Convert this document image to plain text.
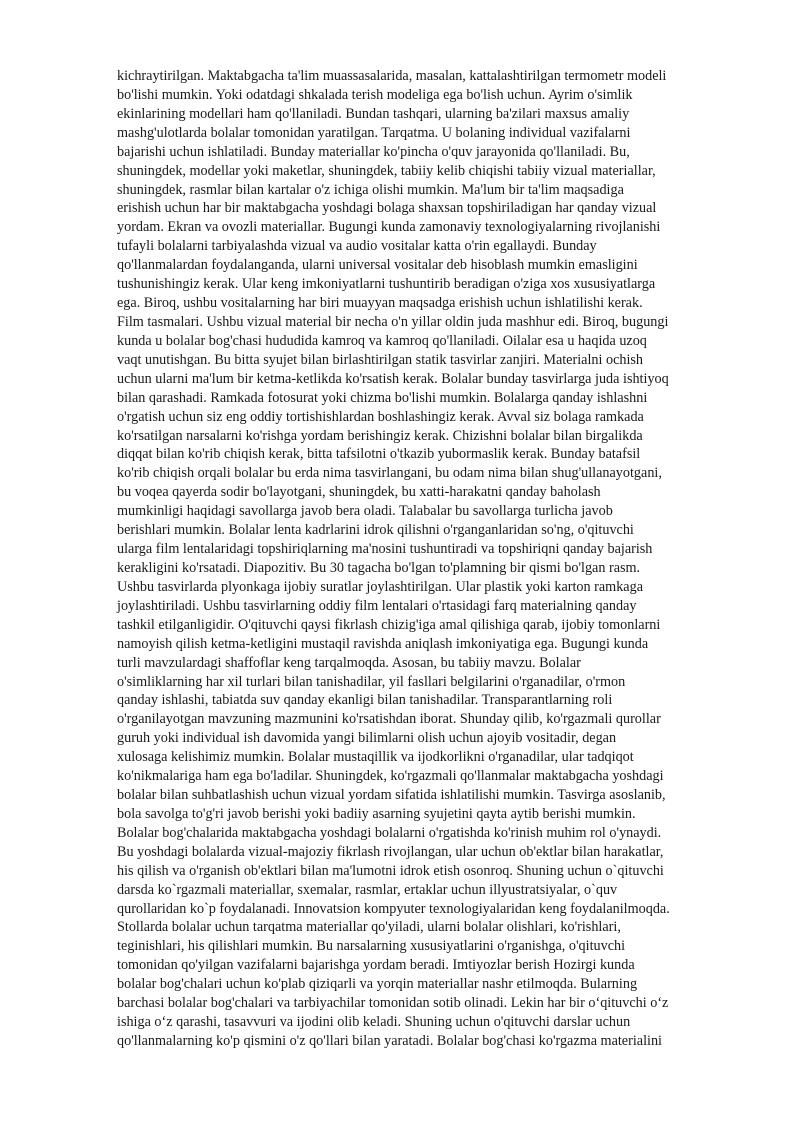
kichraytirilgan. Maktabgacha ta'lim muassasalarida, masalan, kattalashtirilgan termometr modeli
bo'lishi mumkin. Yoki odatdagi shkalada terish modeliga ega bo'lish uchun. Ayrim o'simlik
ekinlarining modellari ham qo'llaniladi. Bundan tashqari, ularning ba'zilari maxsus amaliy
mashg'ulotlarda bolalar tomonidan yaratilgan. Tarqatma. U bolaning individual vazifalarni
bajarishi uchun ishlatiladi. Bunday materiallar ko'pincha o'quv jarayonida qo'llaniladi. Bu,
shuningdek, modellar yoki maketlar, shuningdek, tabiiy kelib chiqishi tabiiy vizual materiallar,
shuningdek, rasmlar bilan kartalar o'z ichiga olishi mumkin. Ma'lum bir ta'lim maqsadiga
erishish uchun har bir maktabgacha yoshdagi bolaga shaxsan topshiriladigan har qanday vizual
yordam. Ekran va ovozli materiallar. Bugungi kunda zamonaviy texnologiyalarning rivojlanishi
tufayli bolalarni tarbiyalashda vizual va audio vositalar katta o'rin egallaydi. Bunday
qo'llanmalardan foydalanganda, ularni universal vositalar deb hisoblash mumkin emasligini
tushunishingiz kerak. Ular keng imkoniyatlarni tushuntirib beradigan o'ziga xos xususiyatlarga
ega. Biroq, ushbu vositalarning har biri muayyan maqsadga erishish uchun ishlatilishi kerak.
Film tasmalari. Ushbu vizual material bir necha o'n yillar oldin juda mashhur edi. Biroq, bugungi
kunda u bolalar bog'chasi hududida kamroq va kamroq qo'llaniladi. Oilalar esa u haqida uzoq
vaqt unutishgan. Bu bitta syujet bilan birlashtirilgan statik tasvirlar zanjiri. Materialni ochish
uchun ularni ma'lum bir ketma-ketlikda ko'rsatish kerak. Bolalar bunday tasvirlarga juda ishtiyoq
bilan qarashadi. Ramkada fotosurat yoki chizma bo'lishi mumkin. Bolalarga qanday ishlashni
o'rgatish uchun siz eng oddiy tortishishlardan boshlashingiz kerak. Avval siz bolaga ramkada
ko'rsatilgan narsalarni ko'rishga yordam berishingiz kerak. Chizishni bolalar bilan birgalikda
diqqat bilan ko'rib chiqish kerak, bitta tafsilotni o'tkazib yubormaslik kerak. Bunday batafsil
ko'rib chiqish orqali bolalar bu erda nima tasvirlangani, bu odam nima bilan shug'ullanayotgani,
bu voqea qayerda sodir bo'layotgani, shuningdek, bu xatti-harakatni qanday baholash
mumkinligi haqidagi savollarga javob bera oladi. Talabalar bu savollarga turlicha javob
berishlari mumkin. Bolalar lenta kadrlarini idrok qilishni o'rganganlaridan so'ng, o'qituvchi
ularga film lentalaridagi topshiriqlarning ma'nosini tushuntiradi va topshiriqni qanday bajarish
kerakligini ko'rsatadi. Diapozitiv. Bu 30 tagacha bo'lgan to'plamning bir qismi bo'lgan rasm.
Ushbu tasvirlarda plyonkaga ijobiy suratlar joylashtirilgan. Ular plastik yoki karton ramkaga
joylashtiriladi. Ushbu tasvirlarning oddiy film lentalari o'rtasidagi farq materialning qanday
tashkil etilganligidir. O'qituvchi qaysi fikrlash chizig'iga amal qilishiga qarab, ijobiy tomonlarni
namoyish qilish ketma-ketligini mustaqil ravishda aniqlash imkoniyatiga ega. Bugungi kunda
turli mavzulardagi shaffoflar keng tarqalmoqda. Asosan, bu tabiiy mavzu. Bolalar
o'simliklarning har xil turlari bilan tanishadilar, yil fasllari belgilarini o'rganadilar, o'rmon
qanday ishlashi, tabiatda suv qanday ekanligi bilan tanishadilar. Transparantlarning roli
o'rganilayotgan mavzuning mazmunini ko'rsatishdan iborat. Shunday qilib, ko'rgazmali qurollar
guruh yoki individual ish davomida yangi bilimlarni olish uchun ajoyib vositadir, degan
xulosaga kelishimiz mumkin. Bolalar mustaqillik va ijodkorlikni o'rganadilar, ular tadqiqot
ko'nikmalariga ham ega bo'ladilar. Shuningdek, ko'rgazmali qo'llanmalar maktabgacha yoshdagi
bolalar bilan suhbatlashish uchun vizual yordam sifatida ishlatilishi mumkin. Tasvirga asoslanib,
bola savolga to'g'ri javob berishi yoki badiiy asarning syujetini qayta aytib berishi mumkin.
Bolalar bog'chalarida maktabgacha yoshdagi bolalarni o'rgatishda ko'rinish muhim rol o'ynaydi.
Bu yoshdagi bolalarda vizual-majoziy fikrlash rivojlangan, ular uchun ob'ektlar bilan harakatlar,
his qilish va o'rganish ob'ektlari bilan ma'lumotni idrok etish osonroq. Shuning uchun o`qituvchi
darsda ko`rgazmali materiallar, sxemalar, rasmlar, ertaklar uchun illyustratsiyalar, o`quv
qurollaridan ko`p foydalanadi. Innovatsion kompyuter texnologiyalaridan keng foydalanilmoqda.
Stollarda bolalar uchun tarqatma materiallar qo'yiladi, ularni bolalar olishlari, ko'rishlari,
teginishlari, his qilishlari mumkin. Bu narsalarning xususiyatlarini o'rganishga, o'qituvchi
tomonidan qo'yilgan vazifalarni bajarishga yordam beradi. Imtiyozlar berish Hozirgi kunda
bolalar bog'chalari uchun ko'plab qiziqarli va yorqin materiallar nashr etilmoqda. Bularning
barchasi bolalar bog'chalari va tarbiyachilar tomonidan sotib olinadi. Lekin har bir o‘qituvchi o‘z
ishiga o‘z qarashi, tasavvuri va ijodini olib keladi. Shuning uchun o'qituvchi darslar uchun
qo'llanmalarning ko'p qismini o'z qo'llari bilan yaratadi. Bolalar bog'chasi ko'rgazma materialini
